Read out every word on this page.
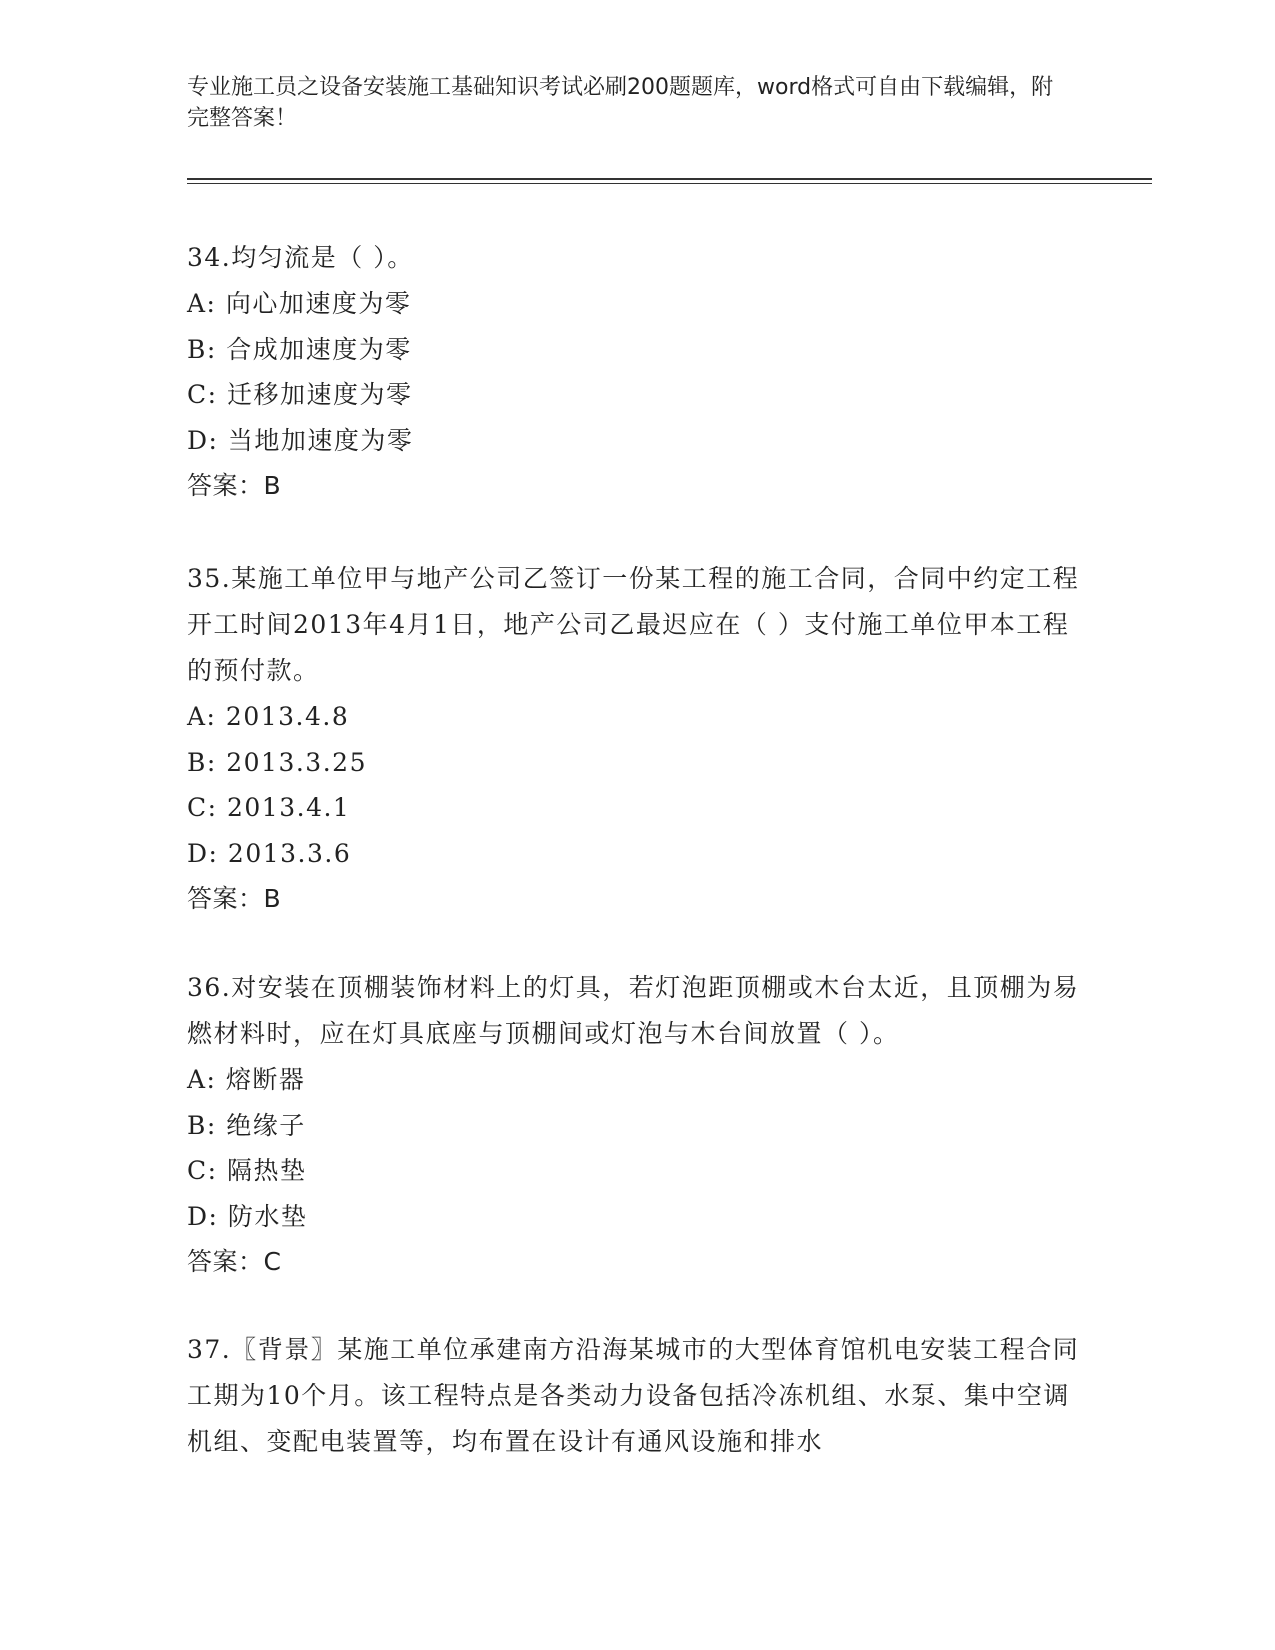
专业施工员之设备安装施工基础知识考试必刷200题题库，word格式可自由下载编辑，附完整答案！

34.均匀流是（ ）。

A: 向心加速度为零

B: 合成加速度为零

C: 迁移加速度为零

D: 当地加速度为零

答案：B

35.某施工单位甲与地产公司乙签订一份某工程的施工合同，合同中约定工程开工时间2013年4月1日，地产公司乙最迟应在（ ）支付施工单位甲本工程的预付款。

A: 2013.4.8

B: 2013.3.25

C: 2013.4.1

D: 2013.3.6

答案：B

36.对安装在顶棚装饰材料上的灯具，若灯泡距顶棚或木台太近，且顶棚为易燃材料时，应在灯具底座与顶棚间或灯泡与木台间放置（ ）。

A: 熔断器

B: 绝缘子

C: 隔热垫

D: 防水垫

答案：C

37.〖背景〗某施工单位承建南方沿海某城市的大型体育馆机电安装工程合同工期为10个月。该工程特点是各类动力设备包括冷冻机组、水泵、集中空调机组、变配电装置等，均布置在设计有通风设施和排水
